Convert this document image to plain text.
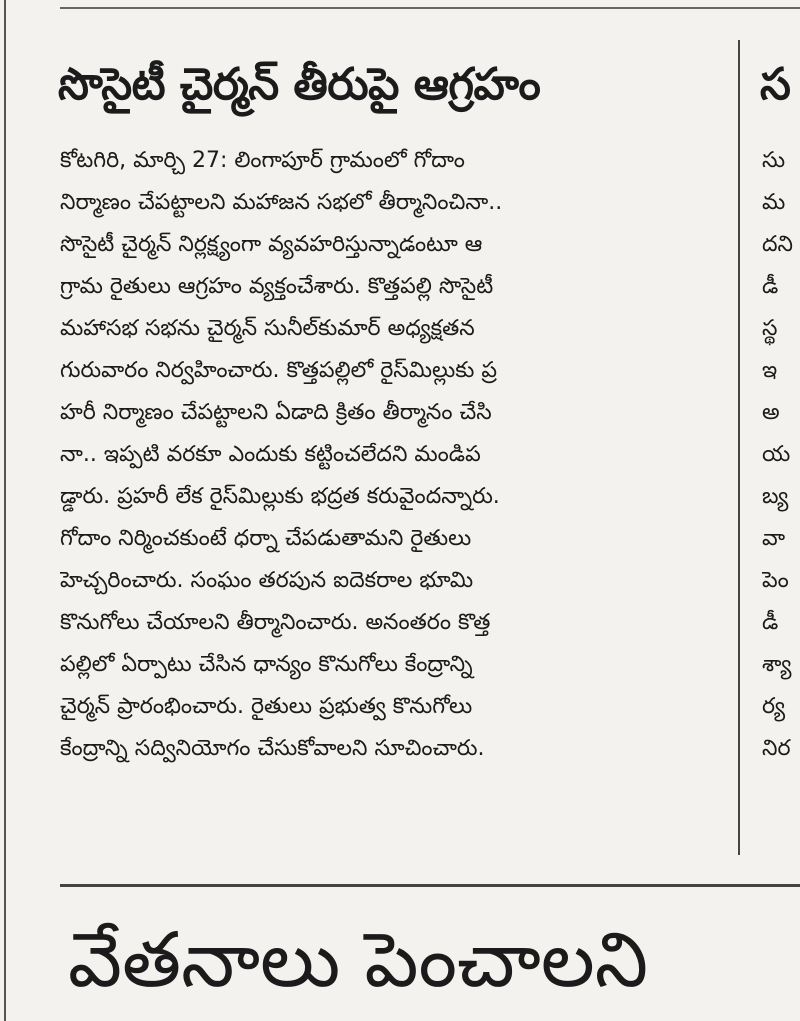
సొసైటీ చైర్మన్ తీరుపై ఆగ్రహం
కోటగిరి, మార్చి 27: లింగాపూర్ గ్రామంలో గోదాం
నిర్మాణం చేపట్టాలని మహాజన సభలో తీర్మానించినా..
సొసైటీ చైర్మన్ నిర్లక్ష్యంగా వ్యవహరిస్తున్నాడంటూ ఆ
గ్రామ రైతులు ఆగ్రహం వ్యక్తంచేశారు. కొత్తపల్లి సొసైటీ
మహాసభ సభను చైర్మన్ సునీల్‌కుమార్ అధ్యక్షతన
గురువారం నిర్వహించారు. కొత్తపల్లిలో రైస్‌మిల్లుకు ప్ర
హరీ నిర్మాణం చేపట్టాలని ఏడాది క్రితం తీర్మానం చేసి
నా.. ఇప్పటి వరకూ ఎందుకు కట్టించలేదని మండిప
డ్డారు. ప్రహరీ లేక రైస్‌మిల్లుకు భద్రత కరువైందన్నారు.
గోదాం నిర్మించకుంటే ధర్నా చేపడుతామని రైతులు
హెచ్చరించారు. సంఘం తరపున ఐదెకరాల భూమి
కొనుగోలు చేయాలని తీర్మానించారు. అనంతరం కొత్త
పల్లిలో ఏర్పాటు చేసిన ధాన్యం కొనుగోలు కేంద్రాన్ని
చైర్మన్ ప్రారంభించారు. రైతులు ప్రభుత్వ కొనుగోలు
కేంద్రాన్ని సద్వినియోగం చేసుకోవాలని సూచించారు.
స
సు
మ
దని
డీ
స్థ
ఇ
అ
య
బ్య
వా
పెం
డీ
శ్యా
ర్య
నిర
వేతనాలు పెంచాలని
